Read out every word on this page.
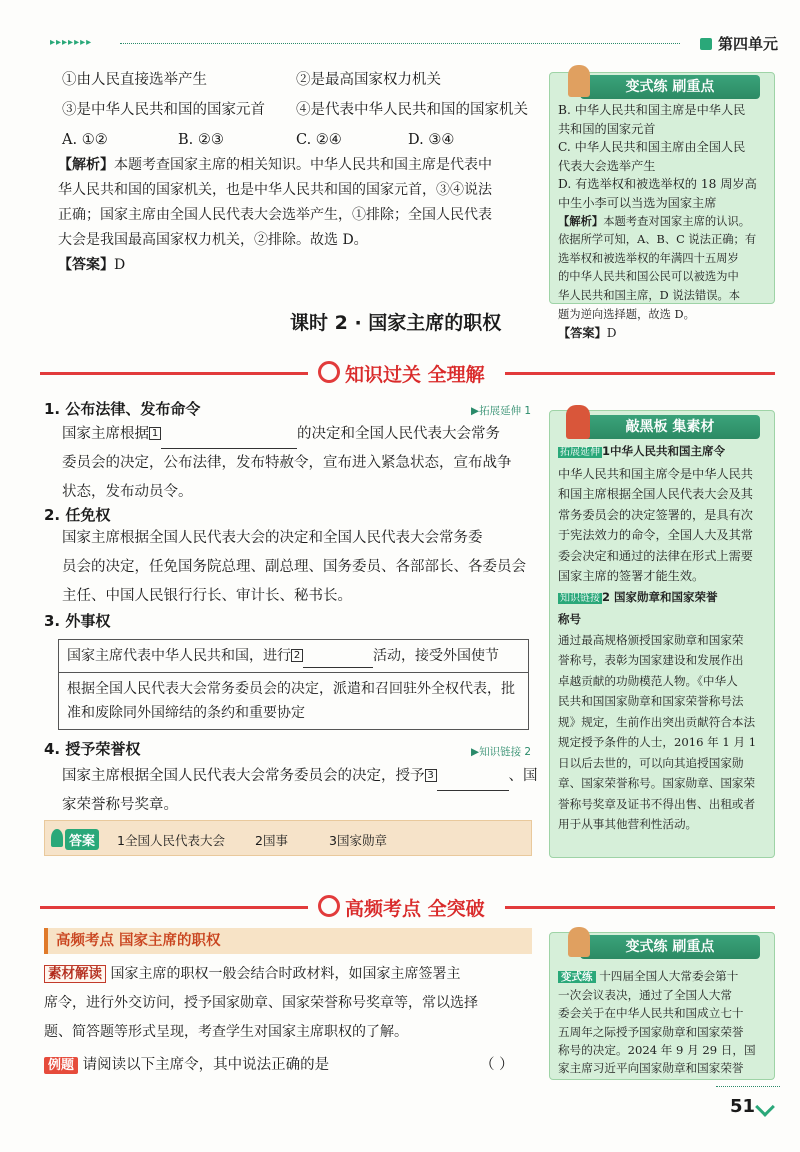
▸▸▸▸▸▸▸	第四单元
①由人民直接选举产生	②是最高国家权力机关
③是中华人民共和国的国家元首 ④是代表中华人民共和国的国家机关
A. ①②	B. ②③	C. ②④	D. ③④
【解析】本题考查国家主席的相关知识。中华人民共和国主席是代表中
华人民共和国的国家机关，也是中华人民共和国的国家元首，③④说法
正确；国家主席由全国人民代表大会选举产生，①排除；全国人民代表
大会是我国最高国家权力机关，②排除。故选 D。
【答案】D
变式练 刷重点
B. 中华人民共和国主席是中华人民
共和国的国家元首
C. 中华人民共和国主席由全国人民
代表大会选举产生
D. 有选举权和被选举权的 18 周岁高
中生小李可以当选为国家主席
【解析】本题考查对国家主席的认识。
依据所学可知，A、B、C 说法正确；有
选举权和被选举权的年满四十五周岁
的中华人民共和国公民可以被选为中
华人民共和国主席，D 说法错误。本
题为逆向选择题，故选 D。
【答案】D
课时 2 · 国家主席的职权
知识过关 全理解
1. 公布法律、发布命令	▶拓展延伸 1
国家主席根据 1	的决定和全国人民代表大会常务
委员会的决定，公布法律，发布特赦令，宣布进入紧急状态，宣布战争
状态，发布动员令。
2. 任免权
国家主席根据全国人民代表大会的决定和全国人民代表大会常务委
员会的决定，任免国务院总理、副总理、国务委员、各部部长、各委员会
主任、中国人民银行行长、审计长、秘书长。
3. 外事权
国家主席代表中华人民共和国，进行 2	活动，接受外国使节
根据全国人民代表大会常务委员会的决定，派遣和召回驻外全权代表，批
准和废除同外国缔结的条约和重要协定
4. 授予荣誉权	▶知识链接 2
国家主席根据全国人民代表大会常务委员会的决定，授予 3	、国
家荣誉称号奖章。
答案	1全国人民代表大会 2国事	3国家勋章
敲黑板 集素材
拓展延伸 1中华人民共和国主席令
中华人民共和国主席令是中华人民共
和国主席根据全国人民代表大会及其
常务委员会的决定签署的，是具有次
于宪法效力的命令，全国人大及其常
委会决定和通过的法律在形式上需要
国家主席的签署才能生效。
知识链接 2 国家勋章和国家荣誉
称号
通过最高规格颁授国家勋章和国家荣
誉称号，表彰为国家建设和发展作出
卓越贡献的功勋模范人物。《中华人
民共和国国家勋章和国家荣誉称号法
规》规定，生前作出突出贡献符合本法
规定授予条件的人士，2016 年 1 月 1
日以后去世的，可以向其追授国家勋
章、国家荣誉称号。国家勋章、国家荣
誉称号奖章及证书不得出售、出租或者
用于从事其他营利性活动。
高频考点 全突破
高频考点 国家主席的职权
素材解读 国家主席的职权一般会结合时政材料，如国家主席签署主
席令，进行外交访问，授予国家勋章、国家荣誉称号奖章等，常以选择
题、简答题等形式呈现，考查学生对国家主席职权的了解。
例题 请阅读以下主席令，其中说法正确的是	（ ）
变式练 刷重点
变式练 十四届全国人大常委会第十
一次会议表决，通过了全国人大常
委会关于在中华人民共和国成立七十
五周年之际授予国家勋章和国家荣誉
称号的决定。2024 年 9 月 29 日，国
家主席习近平向国家勋章和国家荣誉
51
